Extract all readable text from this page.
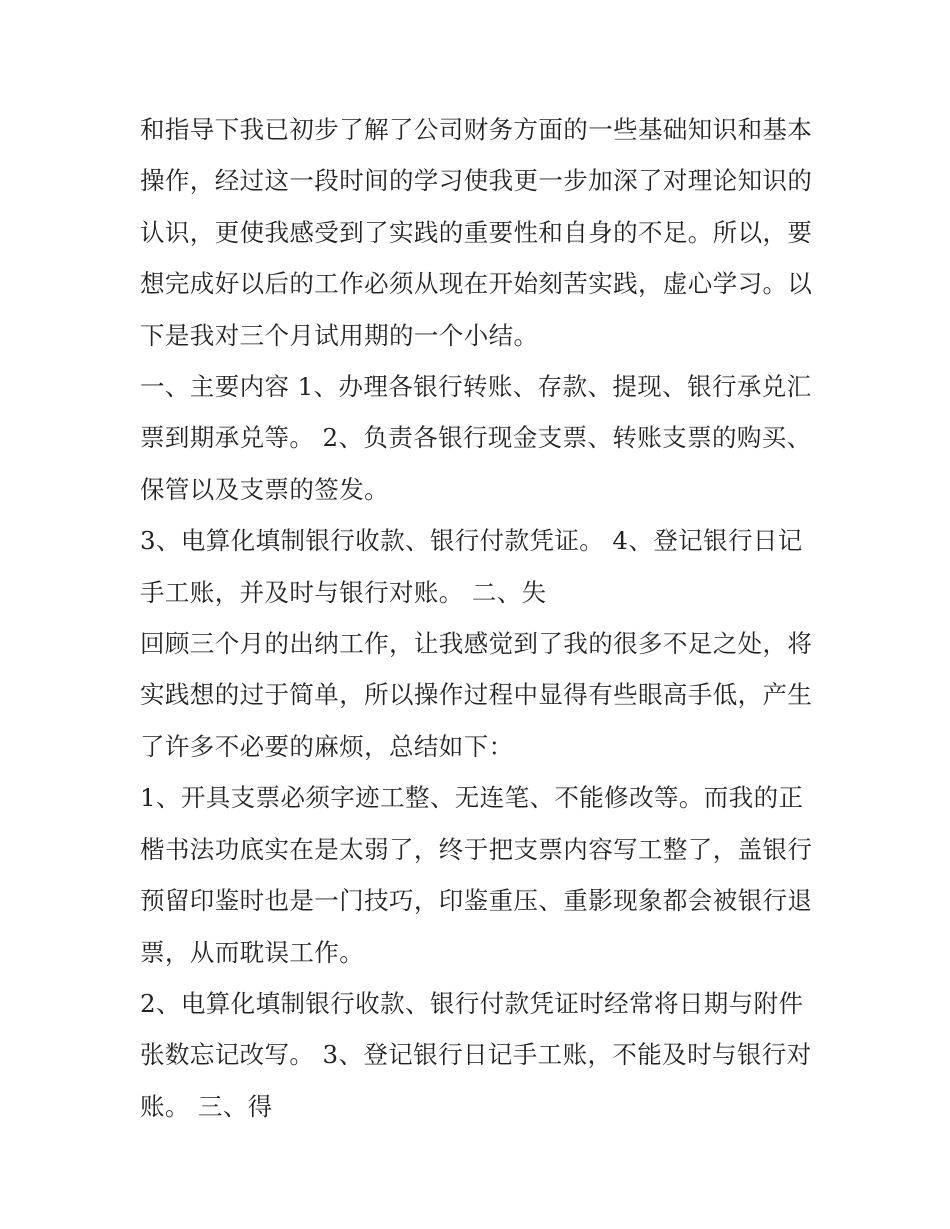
和指导下我已初步了解了公司财务方面的一些基础知识和基本操作，经过这一段时间的学习使我更一步加深了对理论知识的认识，更使我感受到了实践的重要性和自身的不足。所以，要想完成好以后的工作必须从现在开始刻苦实践，虚心学习。以下是我对三个月试用期的一个小结。

一、主要内容 1、办理各银行转账、存款、提现、银行承兑汇票到期承兑等。 2、负责各银行现金支票、转账支票的购买、保管以及支票的签发。

3、电算化填制银行收款、银行付款凭证。 4、登记银行日记手工账，并及时与银行对账。 二、失

回顾三个月的出纳工作，让我感觉到了我的很多不足之处，将实践想的过于简单，所以操作过程中显得有些眼高手低，产生了许多不必要的麻烦，总结如下：

1、开具支票必须字迹工整、无连笔、不能修改等。而我的正楷书法功底实在是太弱了，终于把支票内容写工整了，盖银行预留印鉴时也是一门技巧，印鉴重压、重影现象都会被银行退票，从而耽误工作。

2、电算化填制银行收款、银行付款凭证时经常将日期与附件张数忘记改写。 3、登记银行日记手工账，不能及时与银行对账。 三、得
